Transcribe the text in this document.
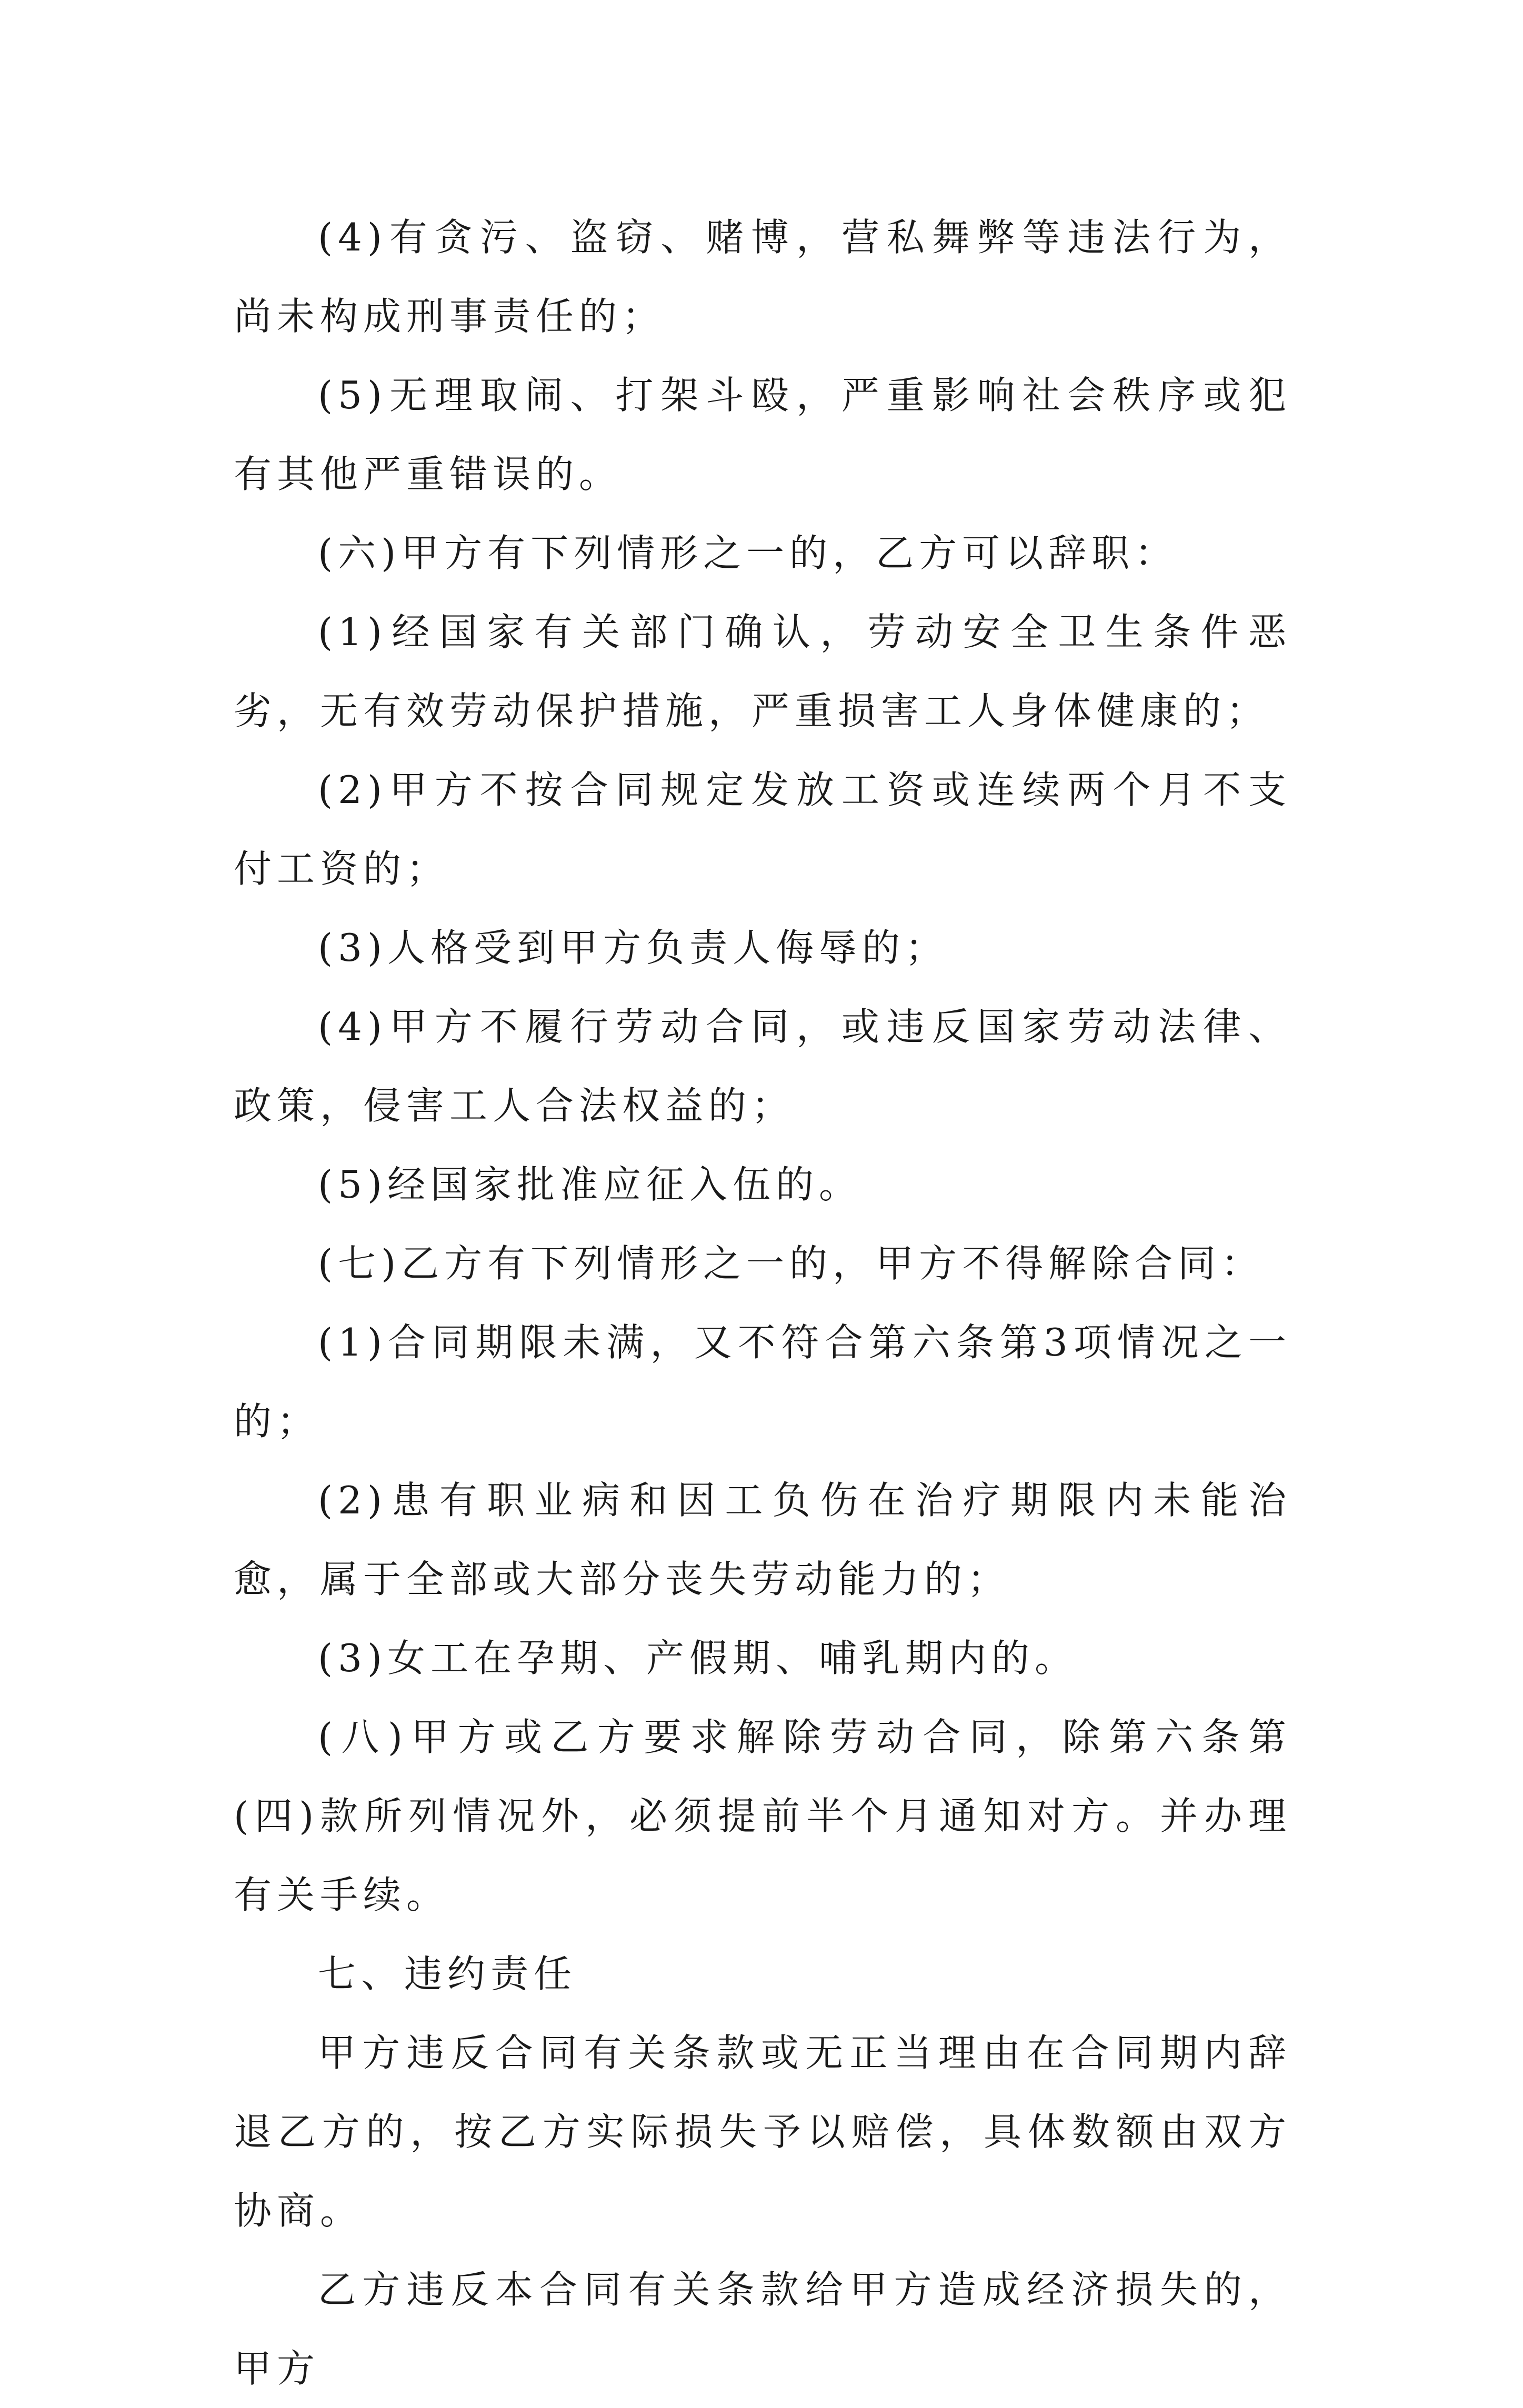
(4)有贪污、盗窃、赌博，营私舞弊等违法行为，尚未构成刑事责任的；

(5)无理取闹、打架斗殴，严重影响社会秩序或犯有其他严重错误的。

(六)甲方有下列情形之一的，乙方可以辞职：

(1)经国家有关部门确认，劳动安全卫生条件恶劣，无有效劳动保护措施，严重损害工人身体健康的；

(2)甲方不按合同规定发放工资或连续两个月不支付工资的；

(3)人格受到甲方负责人侮辱的；

(4)甲方不履行劳动合同，或违反国家劳动法律、政策，侵害工人合法权益的；

(5)经国家批准应征入伍的。

(七)乙方有下列情形之一的，甲方不得解除合同：

(1)合同期限未满，又不符合第六条第3项情况之一的；

(2)患有职业病和因工负伤在治疗期限内未能治愈，属于全部或大部分丧失劳动能力的；

(3)女工在孕期、产假期、哺乳期内的。

(八)甲方或乙方要求解除劳动合同，除第六条第(四)款所列情况外，必须提前半个月通知对方。并办理有关手续。

七、违约责任

甲方违反合同有关条款或无正当理由在合同期内辞退乙方的，按乙方实际损失予以赔偿，具体数额由双方协商。

乙方违反本合同有关条款给甲方造成经济损失的，甲方
